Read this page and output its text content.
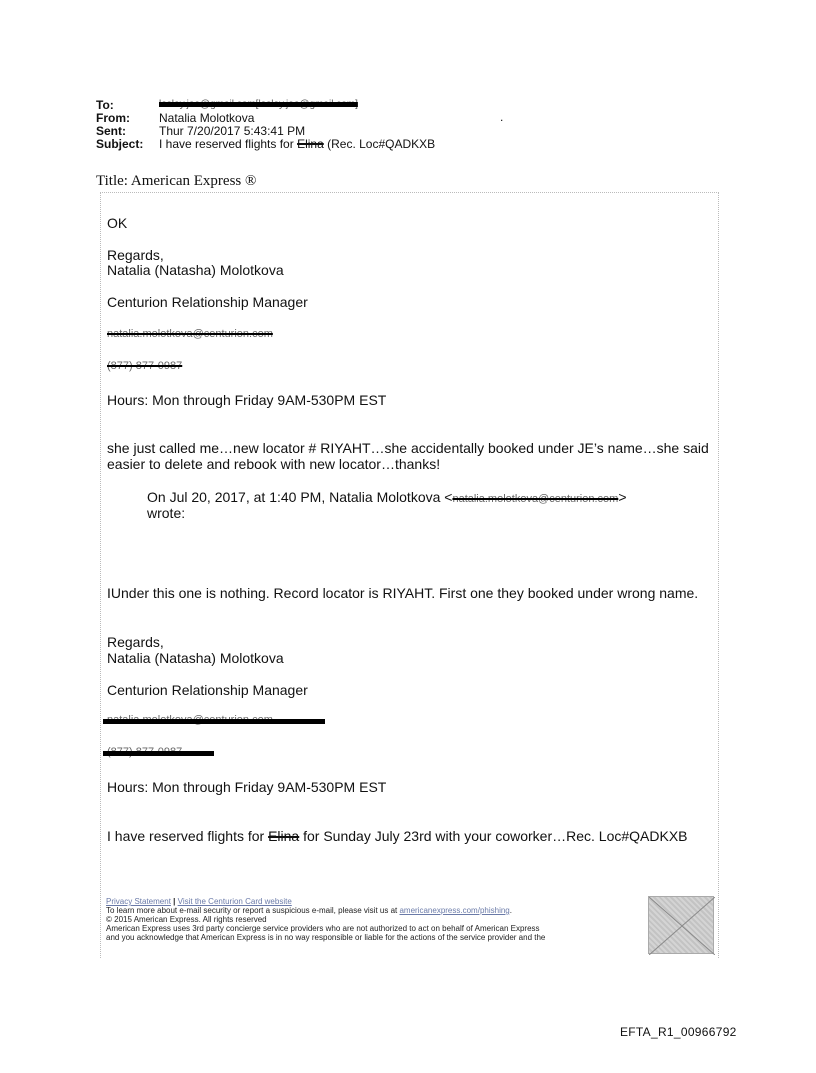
To:	lesley.jee@gmail.com[lesley.jee@gmail.com]
From: Natalia Molotkova
Sent:	Thur 7/20/2017 5:43:41 PM
Subject: I have reserved flights for Elina (Rec. Loc#QADKXB
.
Title: American Express ®
OK
Regards,
Natalia (Natasha) Molotkova
Centurion Relationship Manager
natalia.molotkova@centurion.com
(877) 877-0987
Hours: Mon through Friday 9AM-530PM EST
she just called me…new locator # RIYAHT…she accidentally booked under JE’s name…she said easier to delete and rebook with new locator…thanks!
On Jul 20, 2017, at 1:40 PM, Natalia Molotkova <natalia.molotkova@centurion.com>
wrote:
IUnder this one is nothing. Record locator is RIYAHT. First one they booked under wrong name.
Regards,
Natalia (Natasha) Molotkova
Centurion Relationship Manager
Hours: Mon through Friday 9AM-530PM EST
I have reserved flights for Elina for Sunday July 23rd with your coworker…Rec. Loc#QADKXB
Privacy Statement | Visit the Centurion Card website
To learn more about e-mail security or report a suspicious e-mail, please visit us at americanexpress.com/phishing.
© 2015 American Express. All rights reserved
American Express uses 3rd party concierge service providers who are not authorized to act on behalf of American Express
and you acknowledge that American Express is in no way responsible or liable for the actions of the service provider and the
EFTA_R1_00966792
